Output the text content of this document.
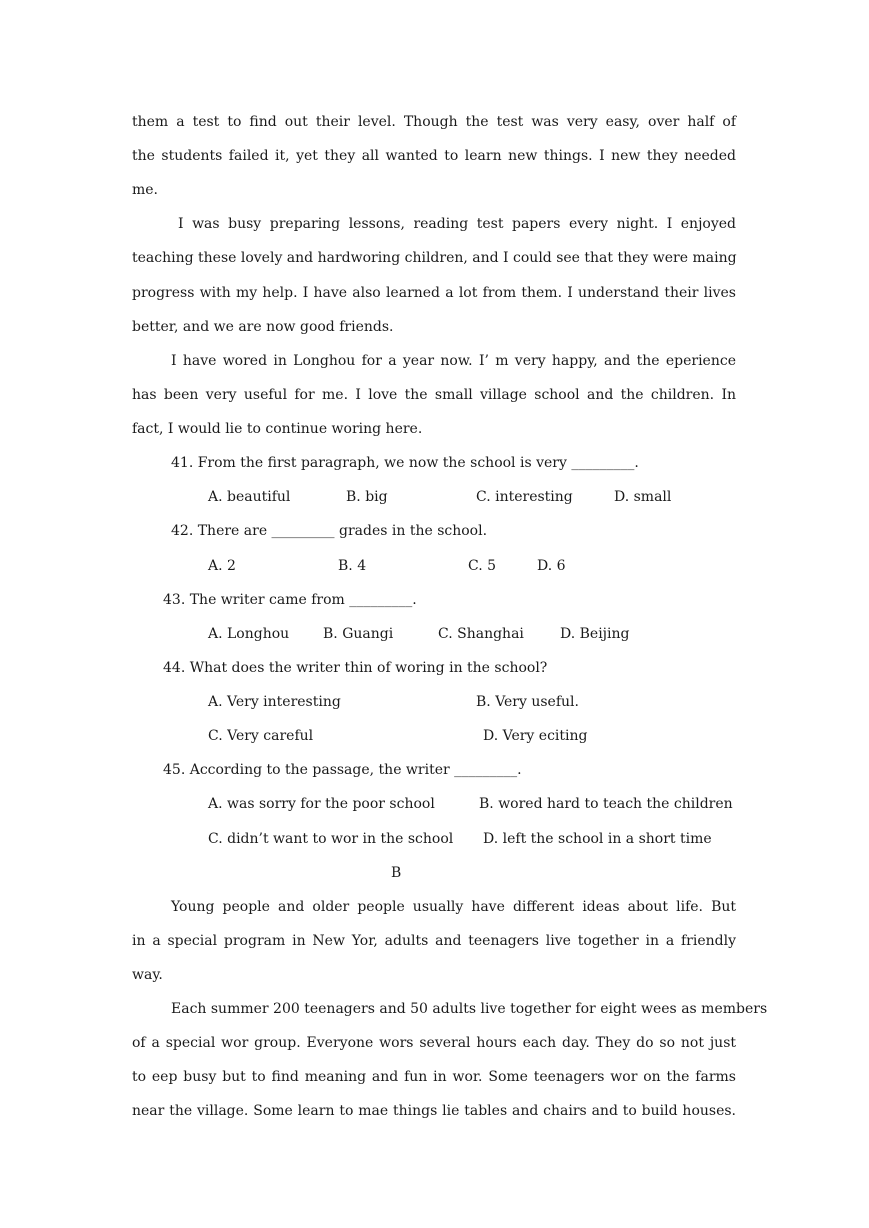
them a test to find out their level. Though the test was very easy, over half of
the students failed it, yet they all wanted to learn new things. I new they needed
me.
I was busy preparing lessons, reading test papers every night. I enjoyed
teaching these lovely and hardworing children, and I could see that they were maing
progress with my help. I have also learned a lot from them. I understand their lives
better, and we are now good friends.
I have wored in Longhou for a year now. I’ m very happy, and the eperience
has been very useful for me. I love the small village school and the children. In
fact, I would lie to continue woring here.
41. From the first paragraph, we now the school is very _________.
A. beautiful	B. big	C. interesting	D. small
42. There are _________ grades in the school.
A. 2	B. 4	C. 5	D. 6
43. The writer came from _________.
A. Longhou B. Guangi	C. Shanghai	D. Beijing
44. What does the writer thin of woring in the school?
A. Very interesting	B. Very useful.
C. Very careful	D. Very eciting
45. According to the passage, the writer _________.
A. was sorry for the poor school	B. wored hard to teach the children
C. didn’t want to wor in the school D. left the school in a short time
B
Young people and older people usually have different ideas about life. But
in a special program in New Yor, adults and teenagers live together in a friendly
way.
Each summer 200 teenagers and 50 adults live together for eight wees as members
of a special wor group. Everyone wors several hours each day. They do so not just
to eep busy but to find meaning and fun in wor. Some teenagers wor on the farms
near the village. Some learn to mae things lie tables and chairs and to build houses.
